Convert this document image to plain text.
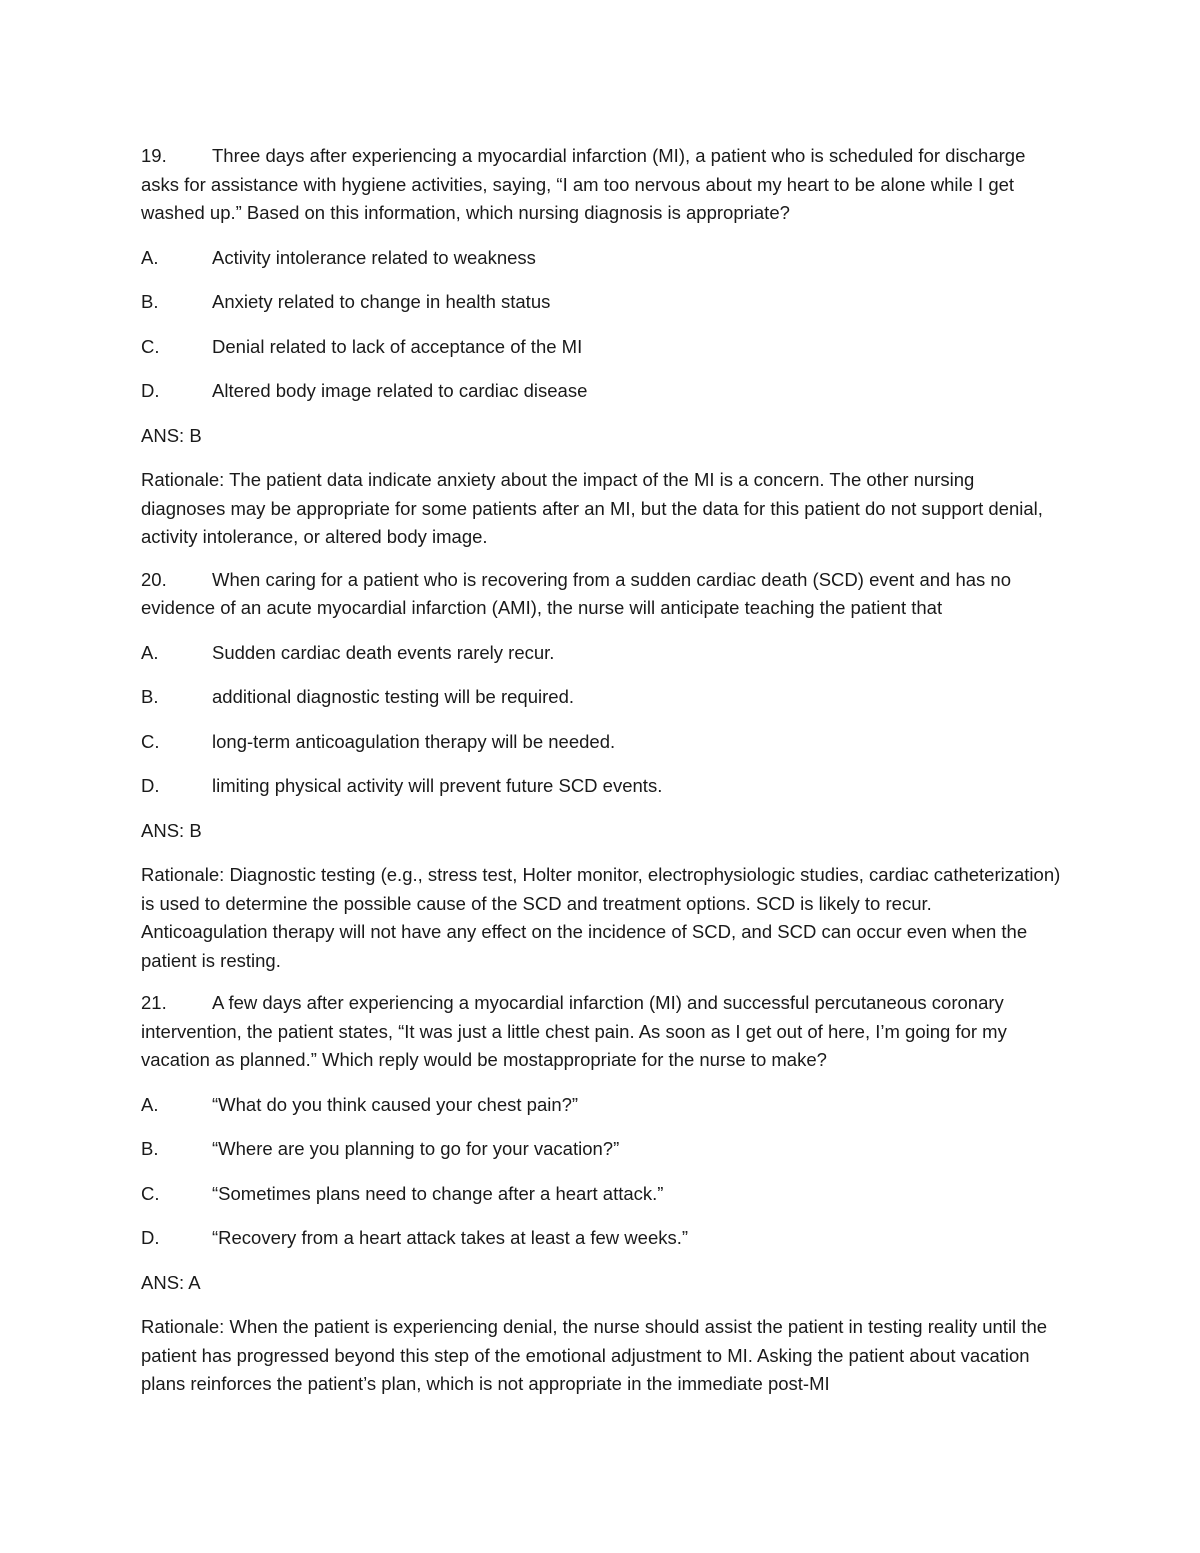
19. Three days after experiencing a myocardial infarction (MI), a patient who is scheduled for discharge asks for assistance with hygiene activities, saying, “I am too nervous about my heart to be alone while I get washed up.” Based on this information, which nursing diagnosis is appropriate?
A.	Activity intolerance related to weakness
B.	Anxiety related to change in health status
C.	Denial related to lack of acceptance of the MI
D.	Altered body image related to cardiac disease
ANS: B
Rationale: The patient data indicate anxiety about the impact of the MI is a concern. The other nursing diagnoses may be appropriate for some patients after an MI, but the data for this patient do not support denial, activity intolerance, or altered body image.
20. When caring for a patient who is recovering from a sudden cardiac death (SCD) event and has no evidence of an acute myocardial infarction (AMI), the nurse will anticipate teaching the patient that
A.	Sudden cardiac death events rarely recur.
B.	additional diagnostic testing will be required.
C.	long-term anticoagulation therapy will be needed.
D.	limiting physical activity will prevent future SCD events.
ANS: B
Rationale: Diagnostic testing (e.g., stress test, Holter monitor, electrophysiologic studies, cardiac catheterization) is used to determine the possible cause of the SCD and treatment options. SCD is likely to recur. Anticoagulation therapy will not have any effect on the incidence of SCD, and SCD can occur even when the patient is resting.
21. A few days after experiencing a myocardial infarction (MI) and successful percutaneous coronary intervention, the patient states, “It was just a little chest pain. As soon as I get out of here, I’m going for my vacation as planned.” Which reply would be mostappropriate for the nurse to make?
A.	“What do you think caused your chest pain?”
B.	“Where are you planning to go for your vacation?”
C.	“Sometimes plans need to change after a heart attack.”
D.	“Recovery from a heart attack takes at least a few weeks.”
ANS: A
Rationale: When the patient is experiencing denial, the nurse should assist the patient in testing reality until the patient has progressed beyond this step of the emotional adjustment to MI. Asking the patient about vacation plans reinforces the patient’s plan, which is not appropriate in the immediate post-MI
